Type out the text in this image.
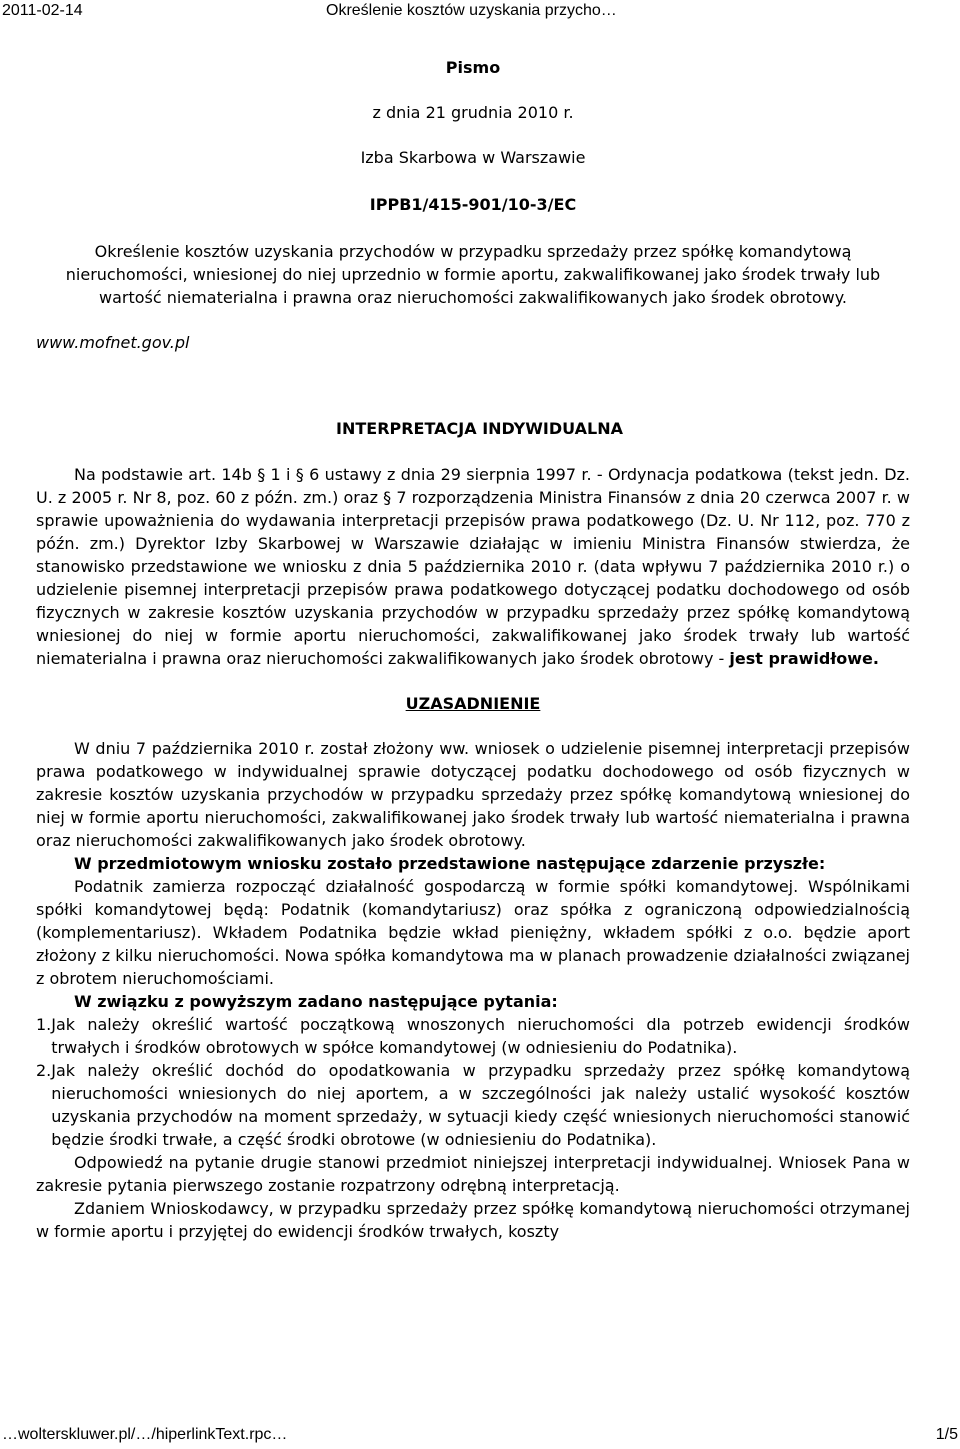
2011-02-14	Określenie kosztów uzyskania przycho…

Pismo

z dnia 21 grudnia 2010 r.

Izba Skarbowa w Warszawie

IPPB1/415-901/10-3/EC

Określenie kosztów uzyskania przychodów w przypadku sprzedaży przez spółkę komandytową nieruchomości, wniesionej do niej uprzednio w formie aportu, zakwalifikowanej jako środek trwały lub wartość niematerialna i prawna oraz nieruchomości zakwalifikowanych jako środek obrotowy.

www.mofnet.gov.pl

INTERPRETACJA INDYWIDUALNA

Na podstawie art. 14b § 1 i § 6 ustawy z dnia 29 sierpnia 1997 r. - Ordynacja podatkowa (tekst jedn. Dz. U. z 2005 r. Nr 8, poz. 60 z późn. zm.) oraz § 7 rozporządzenia Ministra Finansów z dnia 20 czerwca 2007 r. w sprawie upoważnienia do wydawania interpretacji przepisów prawa podatkowego (Dz. U. Nr 112, poz. 770 z późn. zm.) Dyrektor Izby Skarbowej w Warszawie działając w imieniu Ministra Finansów stwierdza, że stanowisko przedstawione we wniosku z dnia 5 października 2010 r. (data wpływu 7 października 2010 r.) o udzielenie pisemnej interpretacji przepisów prawa podatkowego dotyczącej podatku dochodowego od osób fizycznych w zakresie kosztów uzyskania przychodów w przypadku sprzedaży przez spółkę komandytową wniesionej do niej w formie aportu nieruchomości, zakwalifikowanej jako środek trwały lub wartość niematerialna i prawna oraz nieruchomości zakwalifikowanych jako środek obrotowy - jest prawidłowe.

UZASADNIENIE

W dniu 7 października 2010 r. został złożony ww. wniosek o udzielenie pisemnej interpretacji przepisów prawa podatkowego w indywidualnej sprawie dotyczącej podatku dochodowego od osób fizycznych w zakresie kosztów uzyskania przychodów w przypadku sprzedaży przez spółkę komandytową wniesionej do niej w formie aportu nieruchomości, zakwalifikowanej jako środek trwały lub wartość niematerialna i prawna oraz nieruchomości zakwalifikowanych jako środek obrotowy.

W przedmiotowym wniosku zostało przedstawione następujące zdarzenie przyszłe:

Podatnik zamierza rozpocząć działalność gospodarczą w formie spółki komandytowej. Wspólnikami spółki komandytowej będą: Podatnik (komandytariusz) oraz spółka z ograniczoną odpowiedzialnością (komplementariusz). Wkładem Podatnika będzie wkład pieniężny, wkładem spółki z o.o. będzie aport złożony z kilku nieruchomości. Nowa spółka komandytowa ma w planach prowadzenie działalności związanej z obrotem nieruchomościami.

W związku z powyższym zadano następujące pytania:

1. Jak należy określić wartość początkową wnoszonych nieruchomości dla potrzeb ewidencji środków trwałych i środków obrotowych w spółce komandytowej (w odniesieniu do Podatnika).
2. Jak należy określić dochód do opodatkowania w przypadku sprzedaży przez spółkę komandytową nieruchomości wniesionych do niej aportem, a w szczególności jak należy ustalić wysokość kosztów uzyskania przychodów na moment sprzedaży, w sytuacji kiedy część wniesionych nieruchomości stanowić będzie środki trwałe, a część środki obrotowe (w odniesieniu do Podatnika).

Odpowiedź na pytanie drugie stanowi przedmiot niniejszej interpretacji indywidualnej. Wniosek Pana w zakresie pytania pierwszego zostanie rozpatrzony odrębną interpretacją.

Zdaniem Wnioskodawcy, w przypadku sprzedaży przez spółkę komandytową nieruchomości otrzymanej w formie aportu i przyjętej do ewidencji środków trwałych, koszty

…wolterskluwer.pl/…/hiperlinkText.rpc…	1/5
